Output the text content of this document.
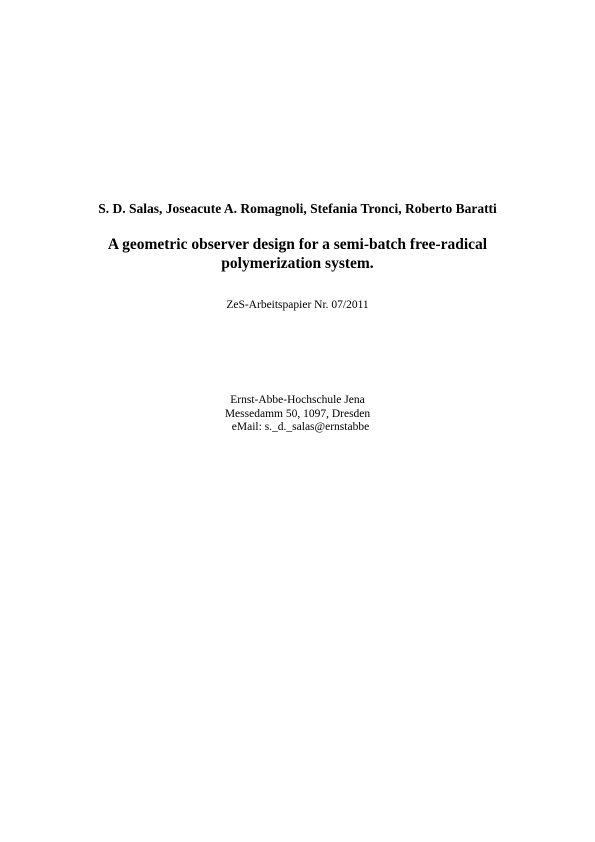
S. D. Salas, Joseacute A. Romagnoli, Stefania Tronci, Roberto Baratti

A geometric observer design for a semi-batch free-radical polymerization system.

ZeS-Arbeitspapier Nr. 07/2011

Ernst-Abbe-Hochschule Jena
Messedamm 50, 1097, Dresden
eMail: s._d._salas@ernstabbe
